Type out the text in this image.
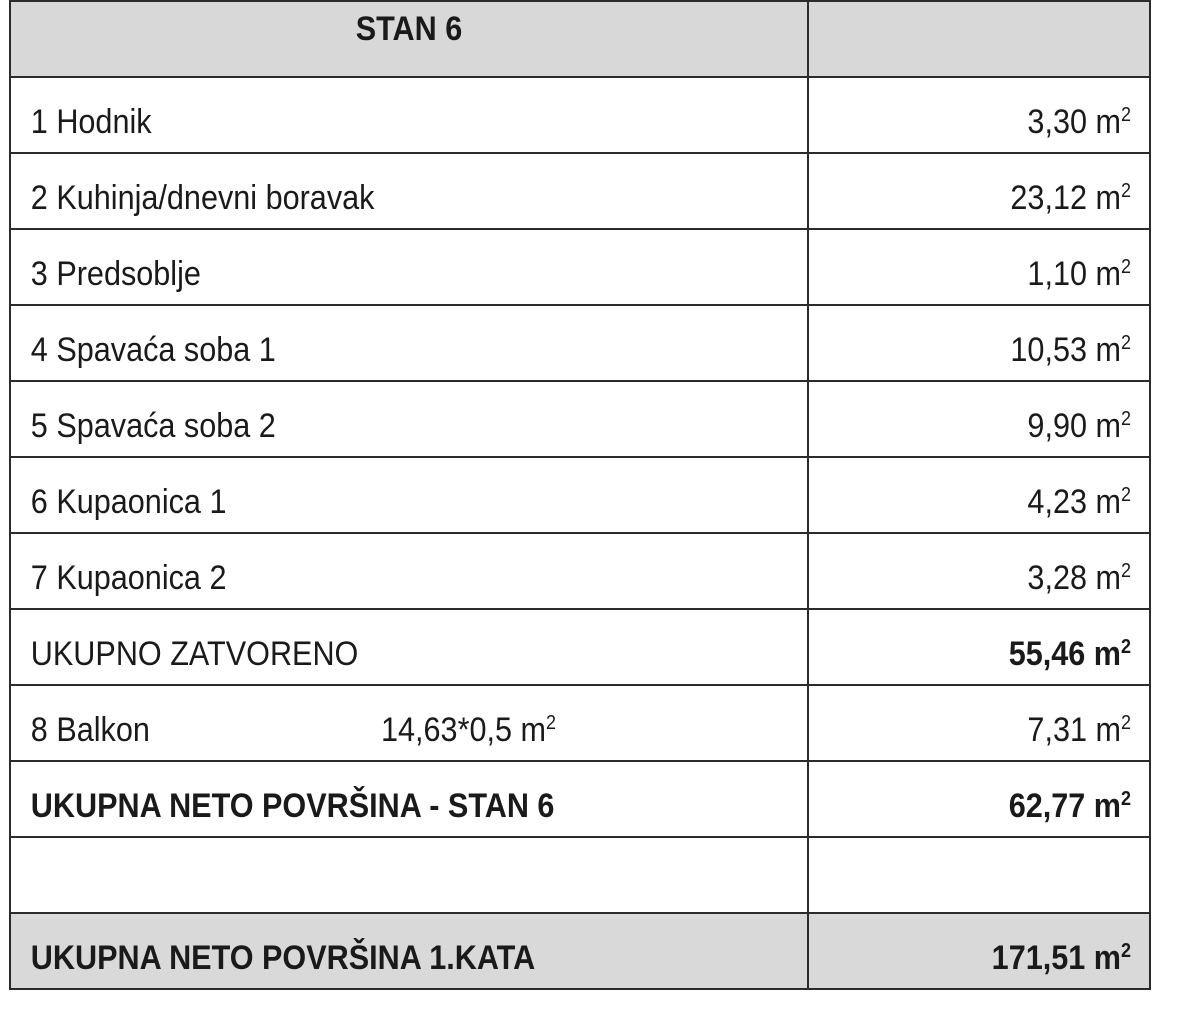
STAN 6	

1 Hodnik	3,30 $m^2$

2 Kuhinja/dnevni boravak	23,12 $m^2$

3 Predsoblje	1,10 $m^2$

4 Spavaća soba 1	10,53 $m^2$

5 Spavaća soba 2	9,90 $m^2$

6 Kupaonica 1	4,23 $m^2$

7 Kupaonica 2	3,28 $m^2$

UKUPNO ZATVORENO	55,46 $m^2$

8 Balkon 14,63*0,5 $m^2$	7,31 $m^2$

UKUPNA NETO POVRŠINA - STAN 6	62,77 $m^2$

UKUPNA NETO POVRŠINA 1.KATA	171,51 $m^2$
